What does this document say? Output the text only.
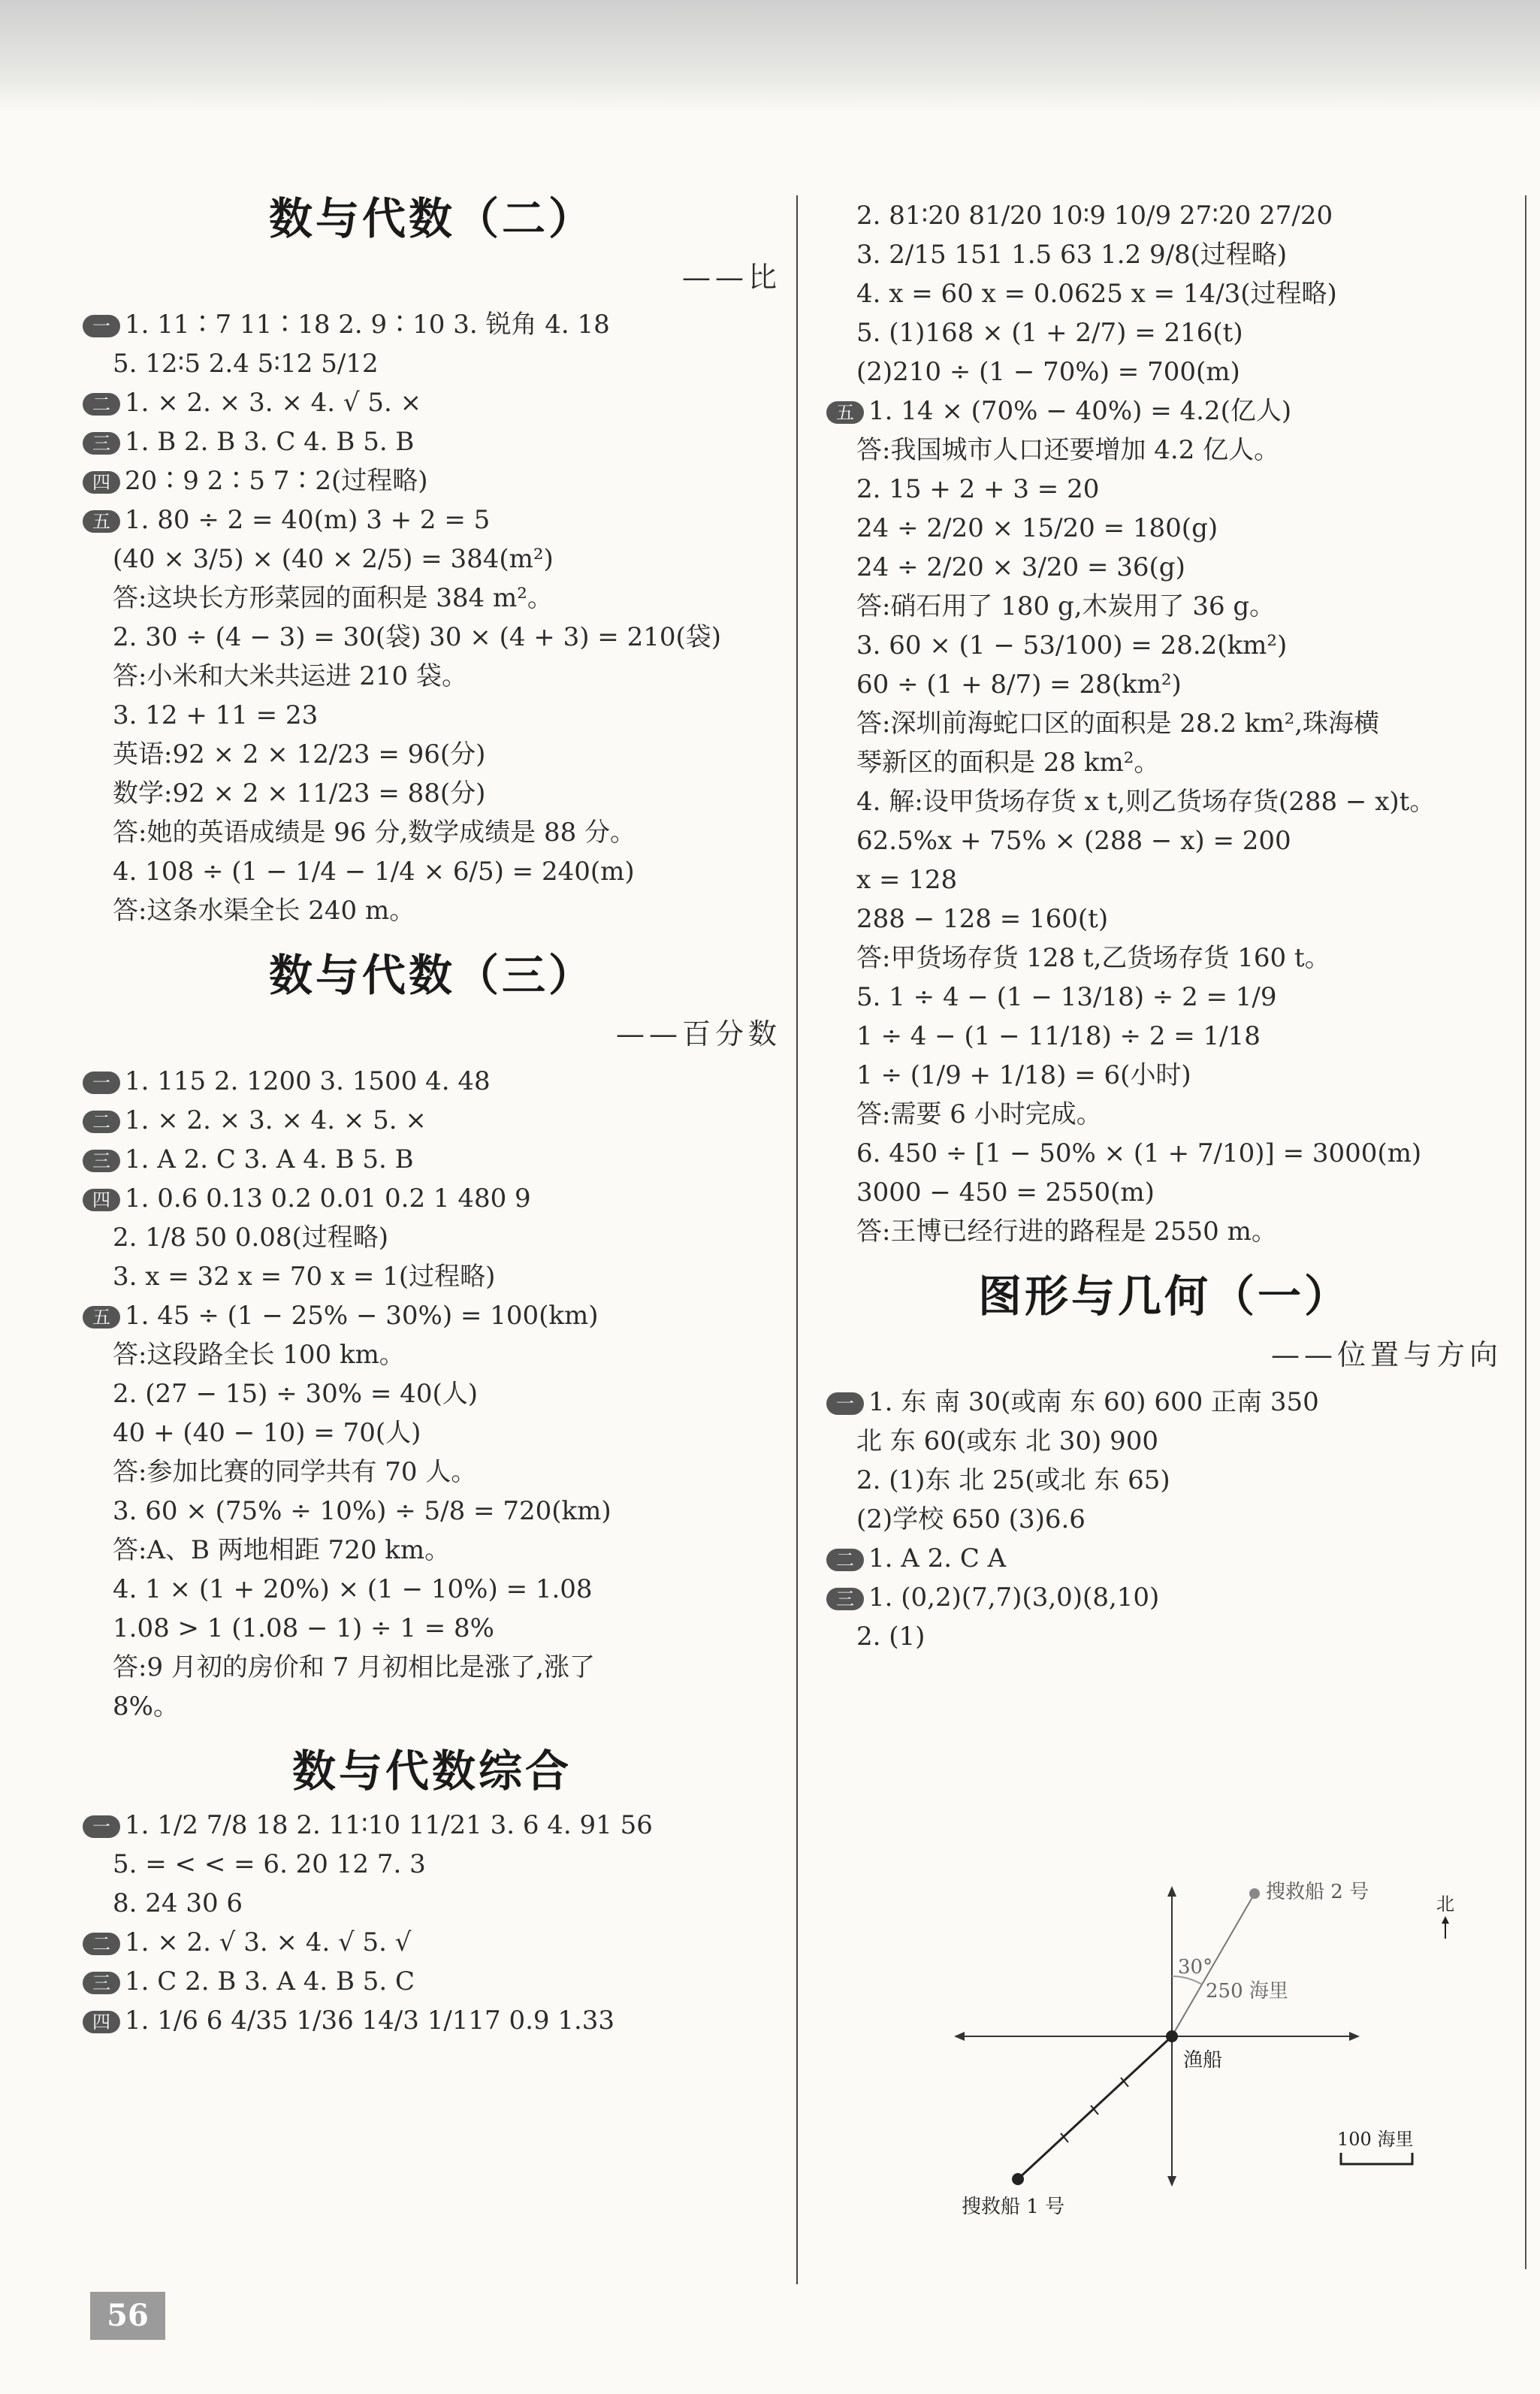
数与代数（二）
——比
一 1. 11∶7 11∶18 2. 9∶10 3. 锐角 4. 18
5. 12∶5 2.4 5∶12 5/12
二 1. × 2. × 3. × 4. √ 5. ×
三 1. B 2. B 3. C 4. B 5. B
四 20∶9 2∶5 7∶2(过程略)
五 1. 80 ÷ 2 = 40(m) 3 + 2 = 5
(40 × 3/5) × (40 × 2/5) = 384(m²)
答:这块长方形菜园的面积是 384 m²。
2. 30 ÷ (4 − 3) = 30(袋) 30 × (4 + 3) = 210(袋)
答:小米和大米共运进 210 袋。
3. 12 + 11 = 23
英语:92 × 2 × 12/23 = 96(分)
数学:92 × 2 × 11/23 = 88(分)
答:她的英语成绩是 96 分,数学成绩是 88 分。
4. 108 ÷ (1 − 1/4 − 1/4 × 6/5) = 240(m)
答:这条水渠全长 240 m。
数与代数（三）
——百分数
一 1. 115 2. 1200 3. 1500 4. 48
二 1. × 2. × 3. × 4. × 5. ×
三 1. A 2. C 3. A 4. B 5. B
四 1. 0.6 0.13 0.2 0.01 0.2 1 480 9
2. 1/8 50 0.08(过程略)
3. x = 32 x = 70 x = 1(过程略)
五 1. 45 ÷ (1 − 25% − 30%) = 100(km)
答:这段路全长 100 km。
2. (27 − 15) ÷ 30% = 40(人)
40 + (40 − 10) = 70(人)
答:参加比赛的同学共有 70 人。
3. 60 × (75% ÷ 10%) ÷ 5/8 = 720(km)
答:A、B 两地相距 720 km。
4. 1 × (1 + 20%) × (1 − 10%) = 1.08
1.08 > 1 (1.08 − 1) ÷ 1 = 8%
答:9 月初的房价和 7 月初相比是涨了,涨了
8%。
数与代数综合
一 1. 1/2 7/8 18 2. 11∶10 11/21 3. 6 4. 91 56
5. = < < = 6. 20 12 7. 3
8. 24 30 6
二 1. × 2. √ 3. × 4. √ 5. √
三 1. C 2. B 3. A 4. B 5. C
四 1. 1/6 6 4/35 1/36 14/3 1/117 0.9 1.33
2. 81∶20 81/20 10∶9 10/9 27∶20 27/20
3. 2/15 151 1.5 63 1.2 9/8(过程略)
4. x = 60 x = 0.0625 x = 14/3(过程略)
5. (1)168 × (1 + 2/7) = 216(t)
(2)210 ÷ (1 − 70%) = 700(m)
五 1. 14 × (70% − 40%) = 4.2(亿人)
答:我国城市人口还要增加 4.2 亿人。
2. 15 + 2 + 3 = 20
24 ÷ 2/20 × 15/20 = 180(g)
24 ÷ 2/20 × 3/20 = 36(g)
答:硝石用了 180 g,木炭用了 36 g。
3. 60 × (1 − 53/100) = 28.2(km²)
60 ÷ (1 + 8/7) = 28(km²)
答:深圳前海蛇口区的面积是 28.2 km²,珠海横
琴新区的面积是 28 km²。
4. 解:设甲货场存货 x t,则乙货场存货(288 − x)t。
62.5%x + 75% × (288 − x) = 200
x = 128
288 − 128 = 160(t)
答:甲货场存货 128 t,乙货场存货 160 t。
5. 1 ÷ 4 − (1 − 13/18) ÷ 2 = 1/9
1 ÷ 4 − (1 − 11/18) ÷ 2 = 1/18
1 ÷ (1/9 + 1/18) = 6(小时)
答:需要 6 小时完成。
6. 450 ÷ [1 − 50% × (1 + 7/10)] = 3000(m)
3000 − 450 = 2550(m)
答:王博已经行进的路程是 2550 m。
图形与几何（一）
——位置与方向
一 1. 东 南 30(或南 东 60) 600 正南 350
北 东 60(或东 北 30) 900
2. (1)东 北 25(或北 东 65)
(2)学校 650 (3)6.6
二 1. A 2. C A
三 1. (0,2)(7,7)(3,0)(8,10)
2. (1)
搜救船 2 号
30°
250 海里
渔船
搜救船 1 号
北
100 海里
56
